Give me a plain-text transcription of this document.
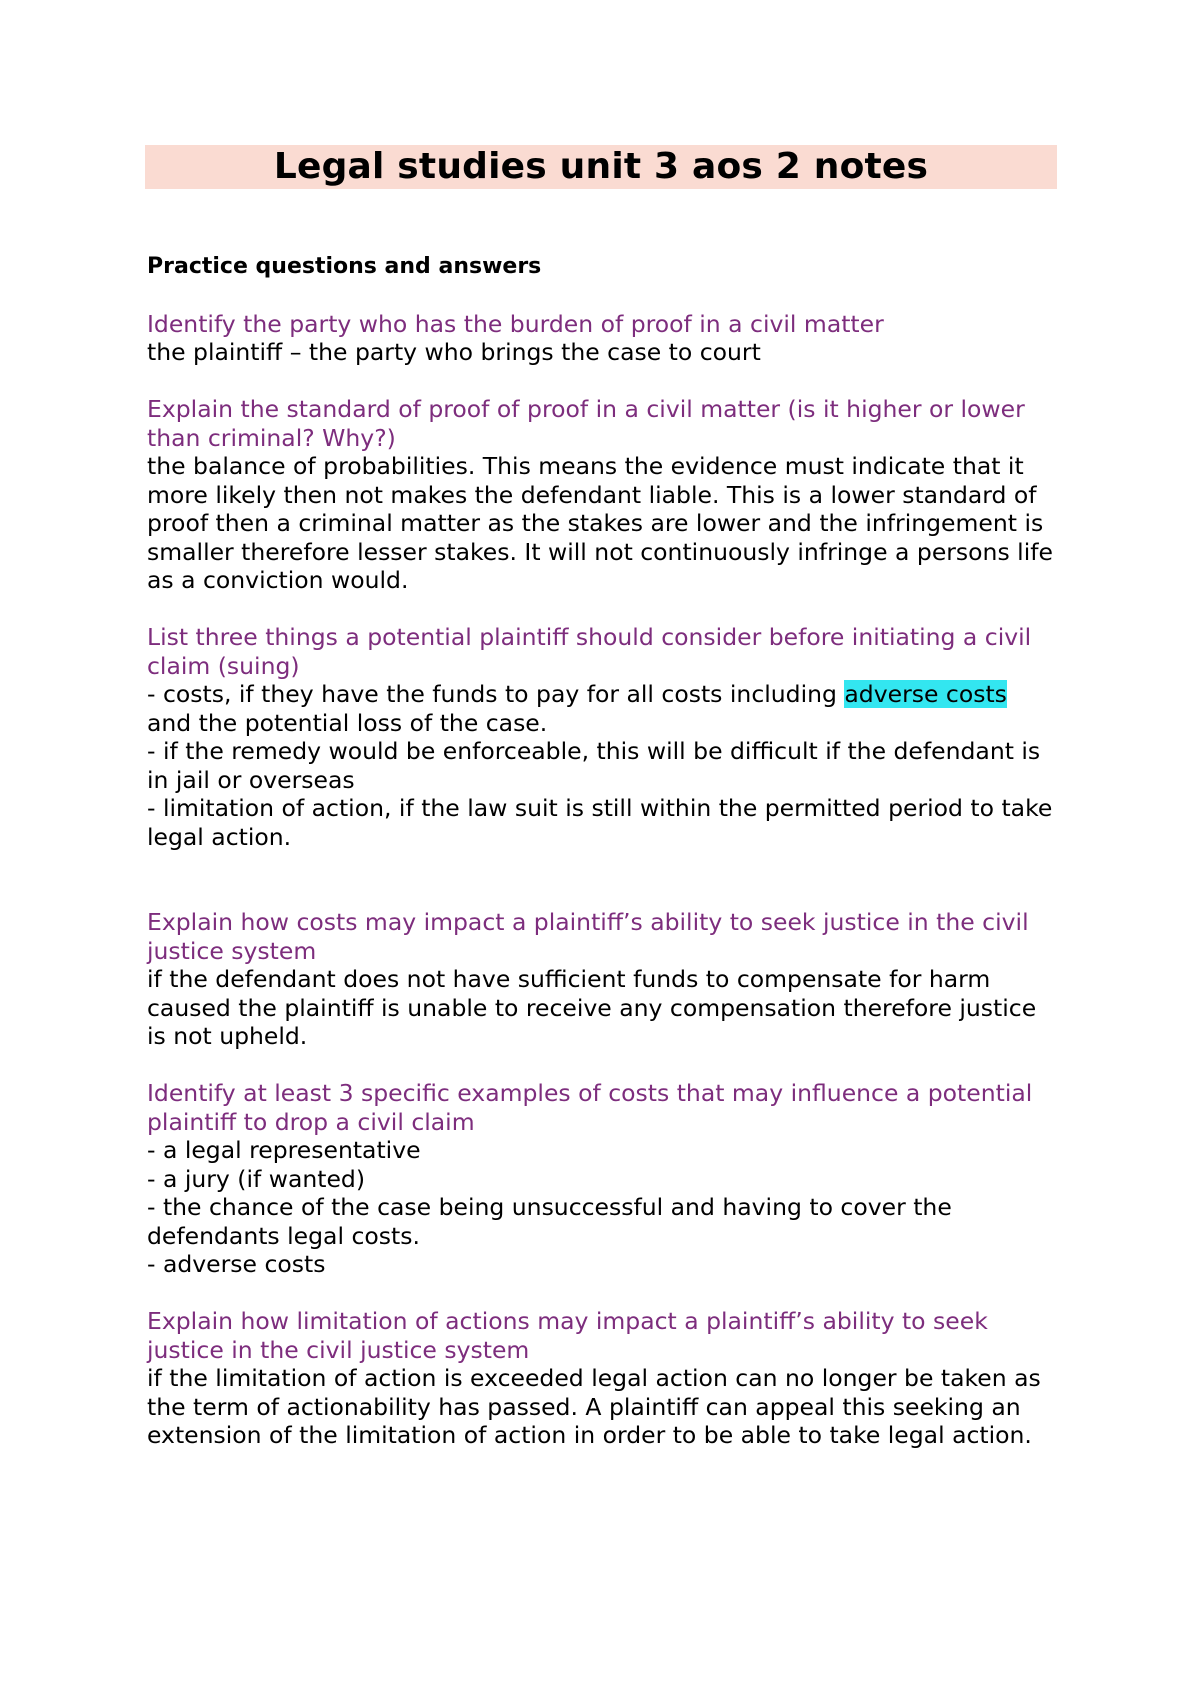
Legal studies unit 3 aos 2 notes
Practice questions and answers
Identify the party who has the burden of proof in a civil matter
the plaintiff – the party who brings the case to court
Explain the standard of proof of proof in a civil matter (is it higher or lower than criminal? Why?)
the balance of probabilities. This means the evidence must indicate that it more likely then not makes the defendant liable. This is a lower standard of proof then a criminal matter as the stakes are lower and the infringement is smaller therefore lesser stakes. It will not continuously infringe a persons life as a conviction would.
List three things a potential plaintiff should consider before initiating a civil claim (suing)
- costs, if they have the funds to pay for all costs including adverse costs and the potential loss of the case.
- if the remedy would be enforceable, this will be difficult if the defendant is in jail or overseas
- limitation of action, if the law suit is still within the permitted period to take legal action.
Explain how costs may impact a plaintiff’s ability to seek justice in the civil justice system
if the defendant does not have sufficient funds to compensate for harm caused the plaintiff is unable to receive any compensation therefore justice is not upheld.
Identify at least 3 specific examples of costs that may influence a potential plaintiff to drop a civil claim
- a legal representative
- a jury (if wanted)
- the chance of the case being unsuccessful and having to cover the defendants legal costs.
- adverse costs
Explain how limitation of actions may impact a plaintiff’s ability to seek justice in the civil justice system
if the limitation of action is exceeded legal action can no longer be taken as the term of actionability has passed. A plaintiff can appeal this seeking an extension of the limitation of action in order to be able to take legal action.
